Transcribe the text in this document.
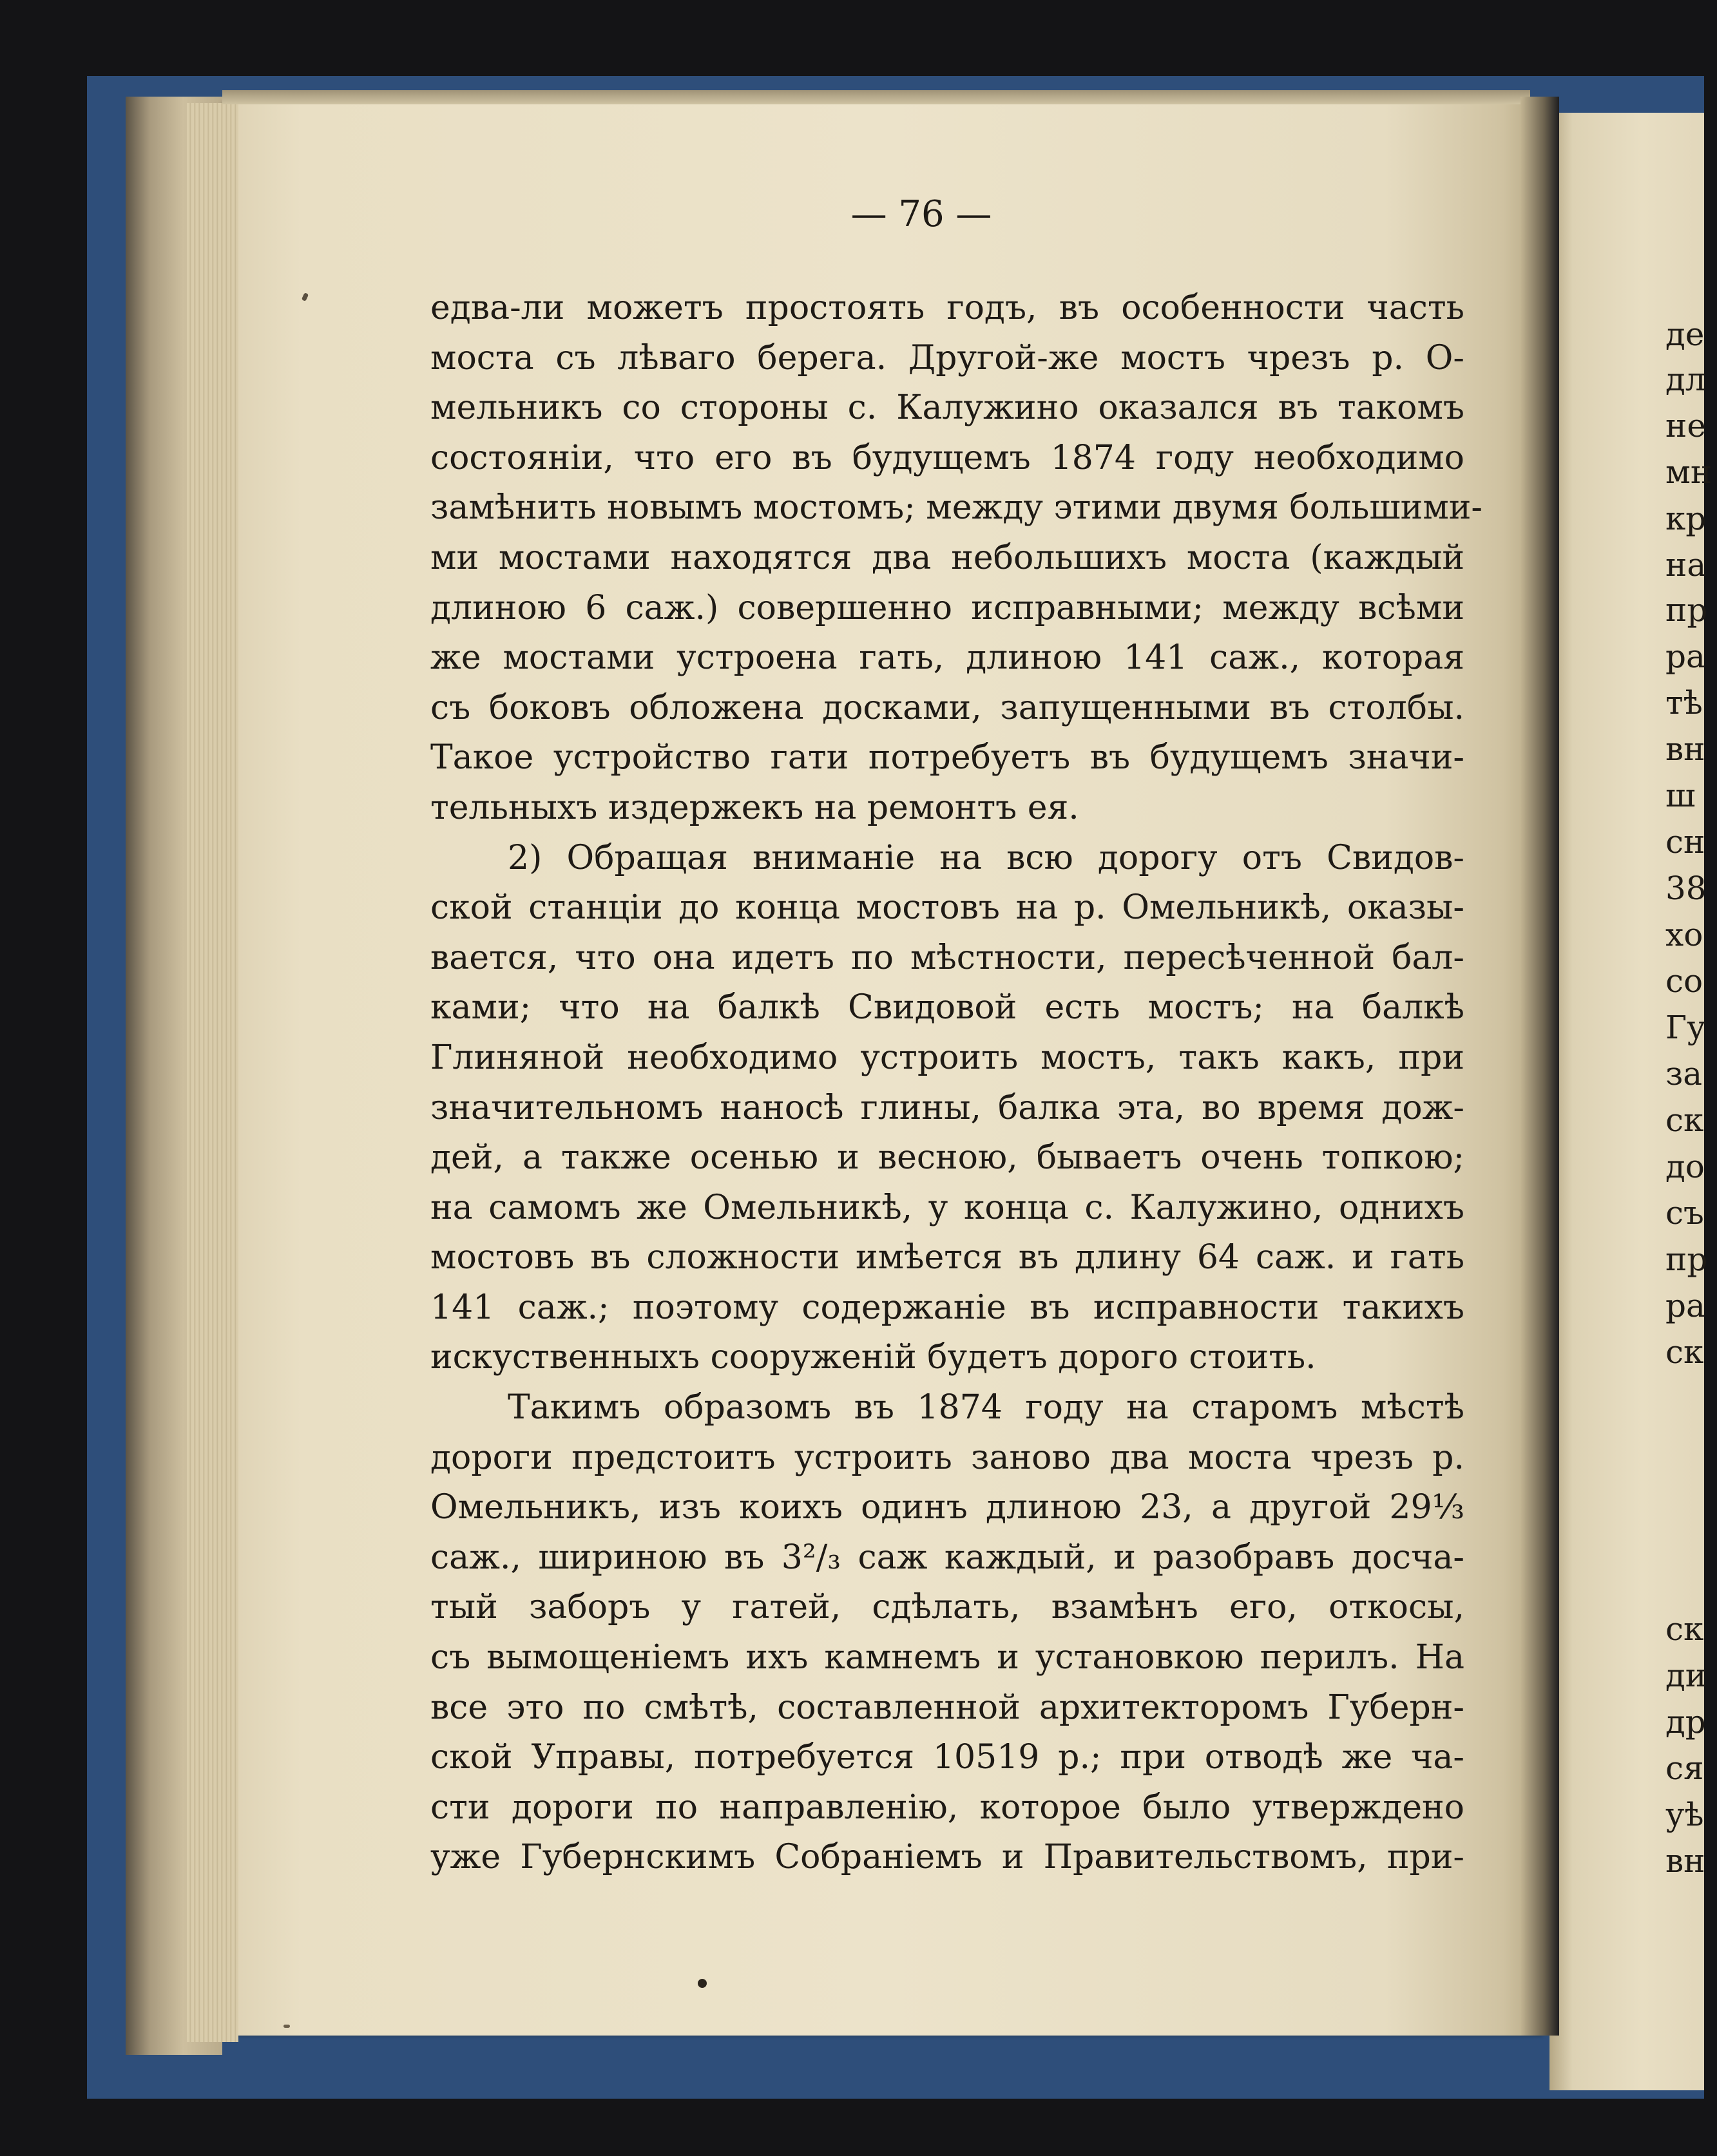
— 76 —
едва-ли можетъ простоять годъ, въ особенности часть
моста съ лѣваго берега. Другой-же мостъ чрезъ р. О-
мельникъ со стороны с. Калужино оказался въ такомъ
состояніи, что его въ будущемъ 1874 году необходимо
замѣнить новымъ мостомъ; между этими двумя большими-
ми мостами находятся два небольшихъ моста (каждый
длиною 6 саж.) совершенно исправными; между всѣми
же мостами устроена гать, длиною 141 саж., которая
съ боковъ обложена досками, запущенными въ столбы.
Такое устройство гати потребуетъ въ будущемъ значи-
тельныхъ издержекъ на ремонтъ ея.
2) Обращая вниманіе на всю дорогу отъ Свидов-
ской станціи до конца мостовъ на р. Омельникѣ, оказы-
вается, что она идетъ по мѣстности, пересѣченной бал-
ками; что на балкѣ Свидовой есть мостъ; на балкѣ
Глиняной необходимо устроить мостъ, такъ какъ, при
значительномъ наносѣ глины, балка эта, во время дож-
дей, а также осенью и весною, бываетъ очень топкою;
на самомъ же Омельникѣ, у конца с. Калужино, однихъ
мостовъ въ сложности имѣется въ длину 64 саж. и гать
141 саж.; поэтому содержаніе въ исправности такихъ
искуственныхъ сооруженій будетъ дорого стоить.
Такимъ образомъ въ 1874 году на старомъ мѣстѣ
дороги предстоитъ устроить заново два моста чрезъ р.
Омельникъ, изъ коихъ одинъ длиною 23, а другой 29⅓
саж., шириною въ 3²/₃ саж каждый, и разобравъ досча-
тый заборъ у гатей, сдѣлать, взамѣнъ его, откосы,
съ вымощеніемъ ихъ камнемъ и установкою перилъ. На
все это по смѣтѣ, составленной архитекторомъ Губерн-
ской Управы, потребуется 10519 р.; при отводѣ же ча-
сти дороги по направленію, которое было утверждено
уже Губернскимъ Собраніемъ и Правительствомъ, при-
де
дл
не
мн
кр
на
пр
ра
тѣ
вн
ш
сн
38
хо
со
Гу
за
ск
до
съ
пр
ра
ск
ск
ди
др
ся
уѣ
вн
